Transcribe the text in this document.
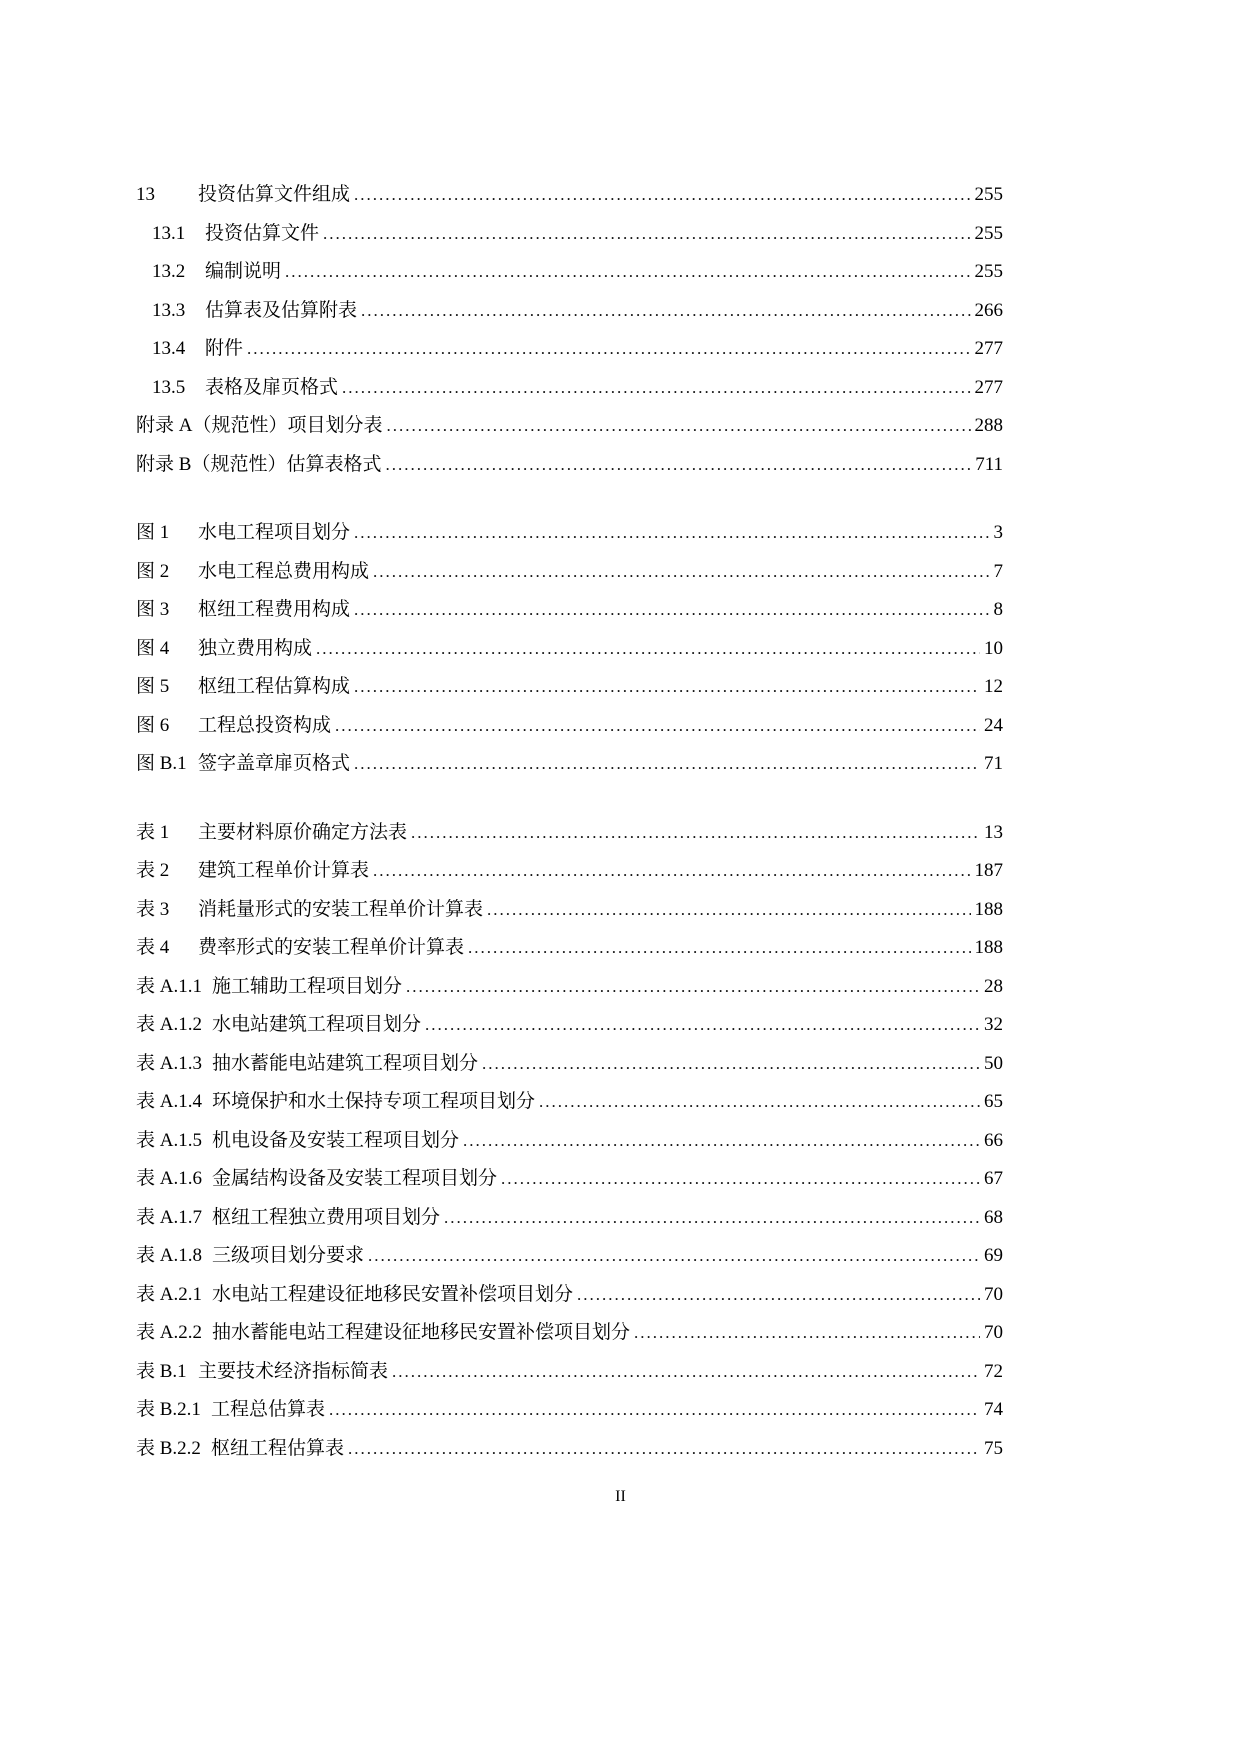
13	投资估算文件组成 .....	255
13.1	投资估算文件 .....	255
13.2	编制说明 .....	255
13.3	估算表及估算附表 .....	266
13.4	附件 .....	277
13.5	表格及扉页格式 .....	277
附录 A （规范性）项目划分表 .....	288
附录 B （规范性）估算表格式 .....	711
图 1	水电工程项目划分 .....	3
图 2	水电工程总费用构成 .....	7
图 3	枢纽工程费用构成 .....	8
图 4	独立费用构成 .....	10
图 5	枢纽工程估算构成 .....	12
图 6	工程总投资构成 .....	24
图 B.1 签字盖章扉页格式 .....	71
表 1	主要材料原价确定方法表 .....	13
表 2	建筑工程单价计算表 .....	187
表 3	消耗量形式的安装工程单价计算表 .....	188
表 4	费率形式的安装工程单价计算表 .....	188
表 A.1.1 施工辅助工程项目划分 .....	28
表 A.1.2 水电站建筑工程项目划分 .....	32
表 A.1.3 抽水蓄能电站建筑工程项目划分 .....	50
表 A.1.4 环境保护和水土保持专项工程项目划分 .....	65
表 A.1.5 机电设备及安装工程项目划分 .....	66
表 A.1.6 金属结构设备及安装工程项目划分 .....	67
表 A.1.7 枢纽工程独立费用项目划分 .....	68
表 A.1.8 三级项目划分要求 .....	69
表 A.2.1 水电站工程建设征地移民安置补偿项目划分 .....	70
表 A.2.2 抽水蓄能电站工程建设征地移民安置补偿项目划分 .....	70
表 B.1 主要技术经济指标简表 .....	72
表 B.2.1 工程总估算表 .....	74
表 B.2.2 枢纽工程估算表 .....	75
II
